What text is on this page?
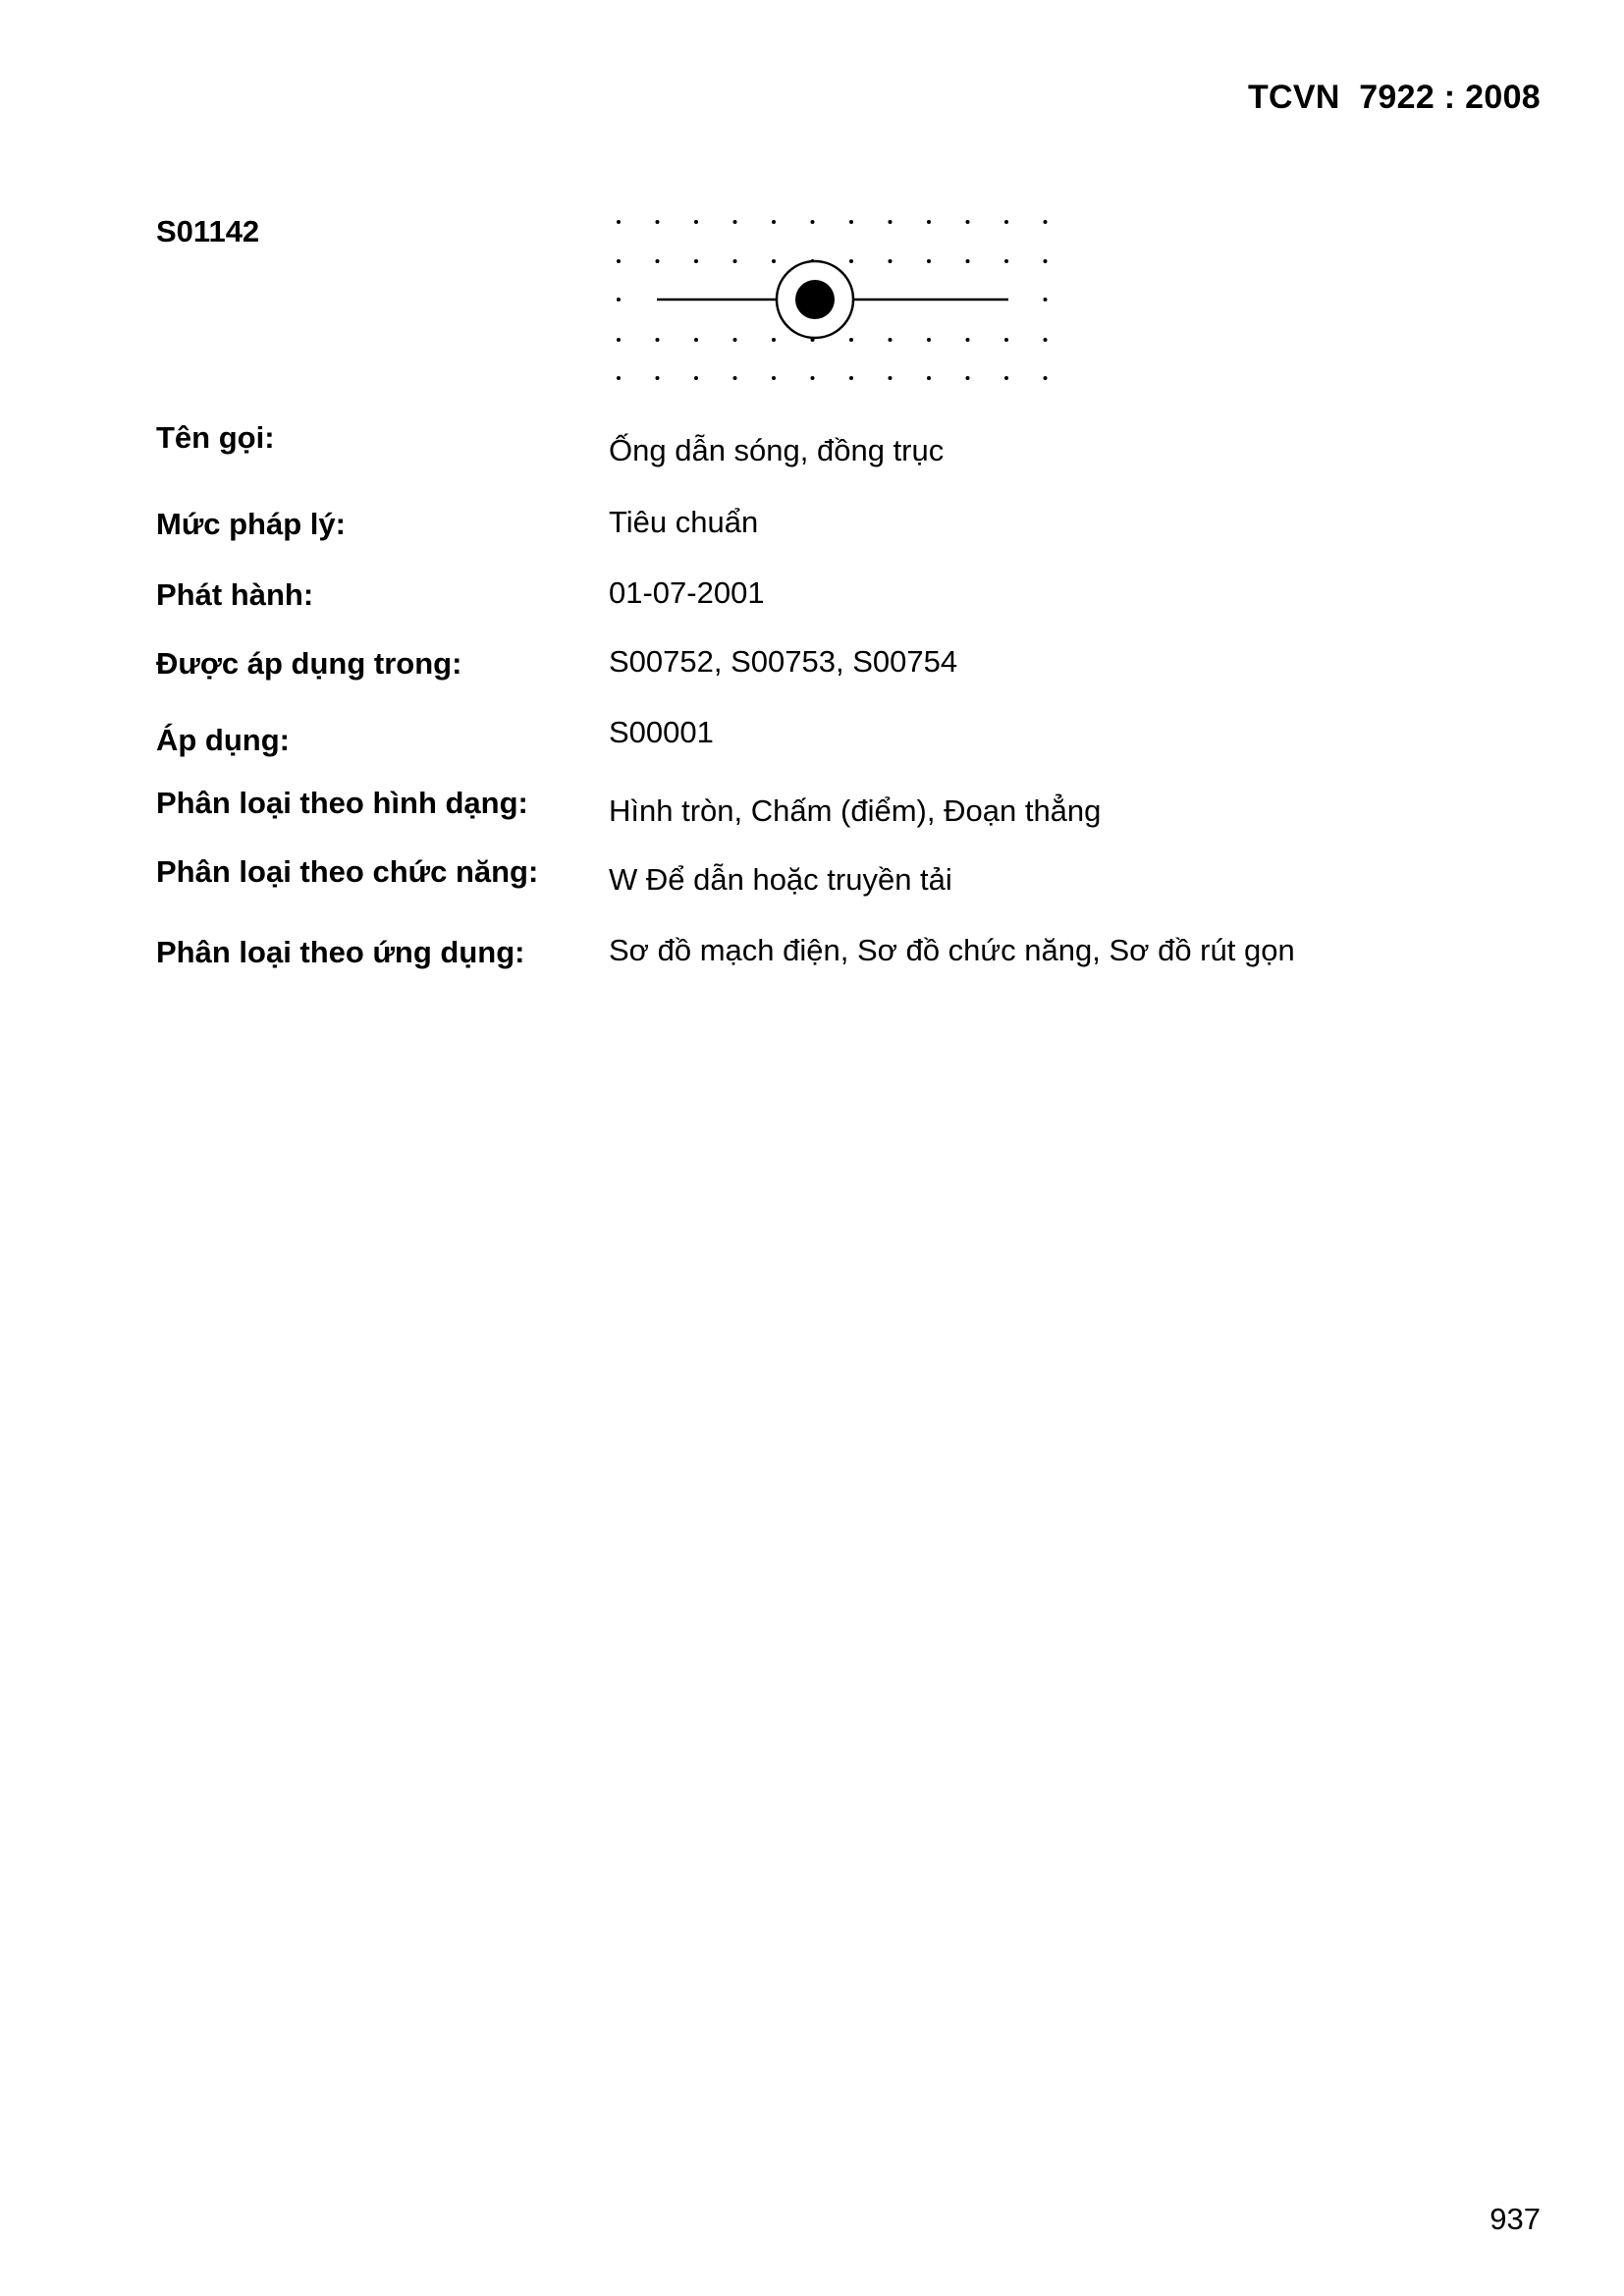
TCVN  7922 : 2008
S01142
Tên gọi:	Ống dẫn sóng, đồng trục
Mức pháp lý:	Tiêu chuẩn
Phát hành:	01-07-2001
Được áp dụng trong:	S00752, S00753, S00754
Áp dụng:	S00001
Phân loại theo hình dạng:	Hình tròn, Chấm (điểm), Đoạn thẳng
Phân loại theo chức năng: W Để dẫn hoặc truyền tải
Phân loại theo ứng dụng:	Sơ đồ mạch điện, Sơ đồ chức năng, Sơ đồ rút gọn
937
